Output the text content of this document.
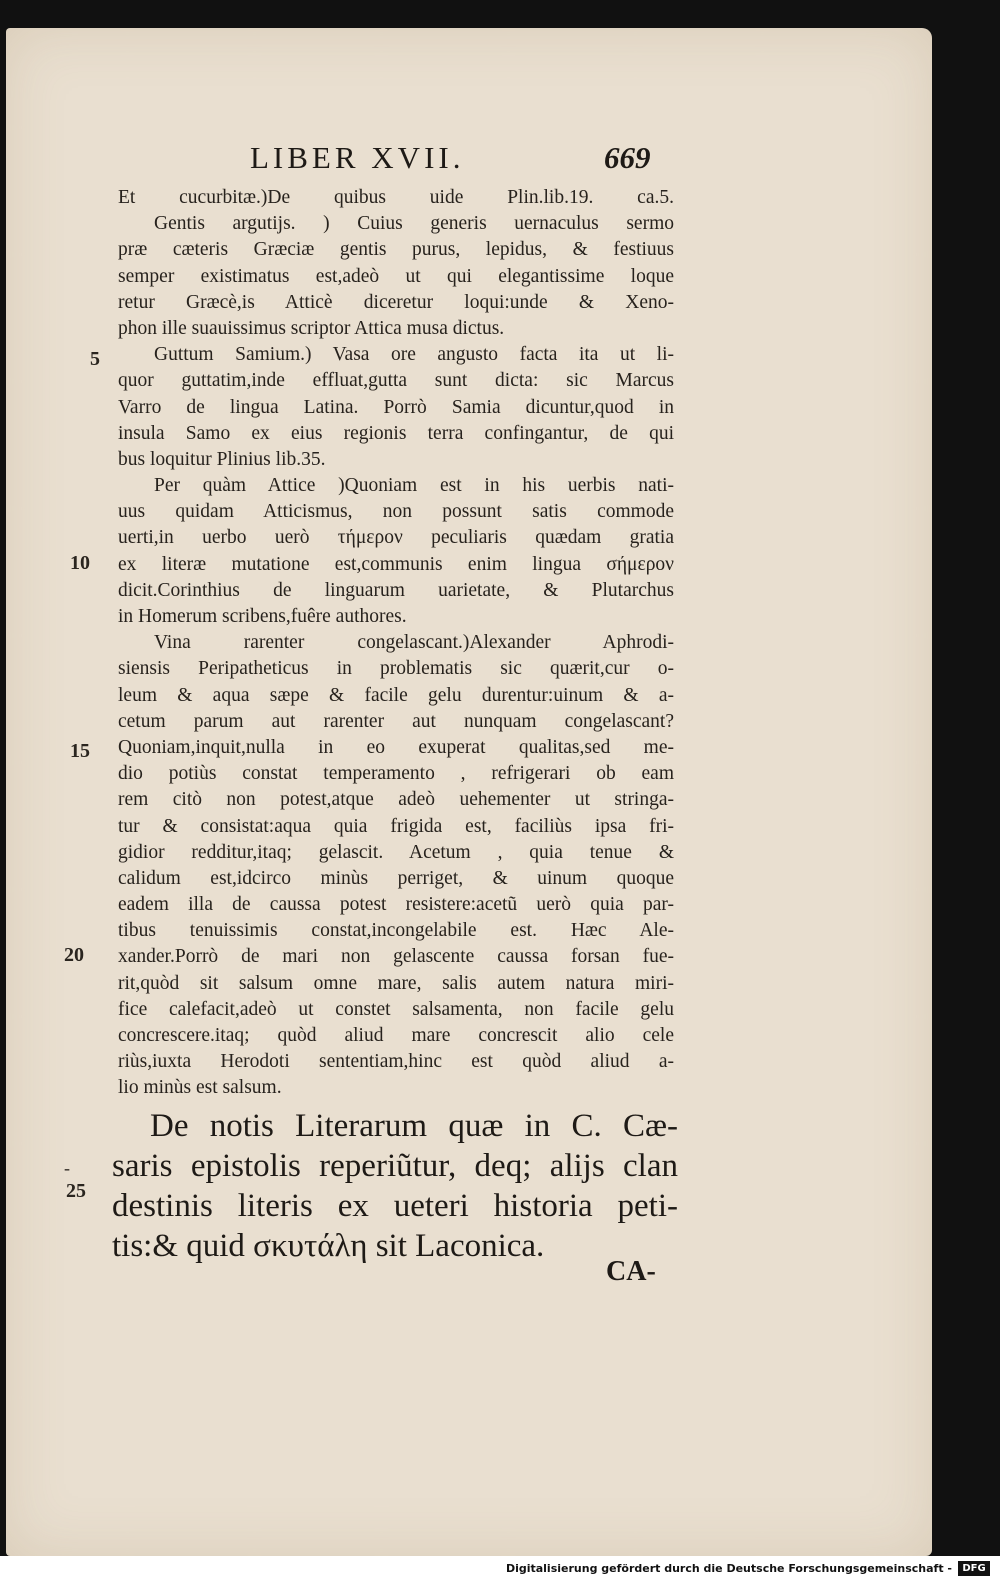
LIBER XVII.	669
Et cucurbitæ.)De quibus uide Plin.lib.19. ca.5.
Gentis argutijs. ) Cuius generis uernaculus sermo
præ cæteris Græciæ gentis purus, lepidus, & festiuus
semper existimatus est,adeò ut qui elegantissime loque
retur Græcè,is Atticè diceretur loqui:unde & Xeno-
phon ille suauissimus scriptor Attica musa dictus.
Guttum Samium.) Vasa ore angusto facta ita ut li-
quor guttatim,inde effluat,gutta sunt dicta: sic Marcus
Varro de lingua Latina. Porrò Samia dicuntur,quod in
insula Samo ex eius regionis terra confingantur, de qui
bus loquitur Plinius lib.35.
Per quàm Attice )Quoniam est in his uerbis nati-
uus quidam Atticismus, non possunt satis commode
uerti,in uerbo uerò τήμερον peculiaris quædam gratia
ex literæ mutatione est,communis enim lingua σήμερον
dicit.Corinthius de linguarum uarietate, & Plutarchus
in Homerum scribens,fuêre authores.
Vina rarenter congelascant.)Alexander Aphrodi-
siensis Peripatheticus in problematis sic quærit,cur o-
leum & aqua sæpe & facile gelu durentur:uinum & a-
cetum parum aut rarenter aut nunquam congelascant?
Quoniam,inquit,nulla in eo exuperat qualitas,sed me-
dio potiùs constat temperamento , refrigerari ob eam
rem citò non potest,atque adeò uehementer ut stringa-
tur & consistat:aqua quia frigida est, faciliùs ipsa fri-
gidior redditur,itaq; gelascit. Acetum , quia tenue &
calidum est,idcirco minùs perriget, & uinum quoque
eadem illa de caussa potest resistere:acetũ uerò quia par-
tibus tenuissimis constat,incongelabile est. Hæc Ale-
xander.Porrò de mari non gelascente caussa forsan fue-
rit,quòd sit salsum omne mare, salis autem natura miri-
fice calefacit,adeò ut constet salsamenta, non facile gelu
concrescere.itaq; quòd aliud mare concrescit alio cele
riùs,iuxta Herodoti sententiam,hinc est quòd aliud a-
lio minùs est salsum.
5
10
15
20
25
-
De notis Literarum quæ in C. Cæ-
saris epistolis reperiũtur, deq; alijs clan
destinis literis ex ueteri historia peti-
tis:& quid σκυτάλη sit Laconica.
CA-
Digitalisierung gefördert durch die Deutsche Forschungsgemeinschaft -	DFG
